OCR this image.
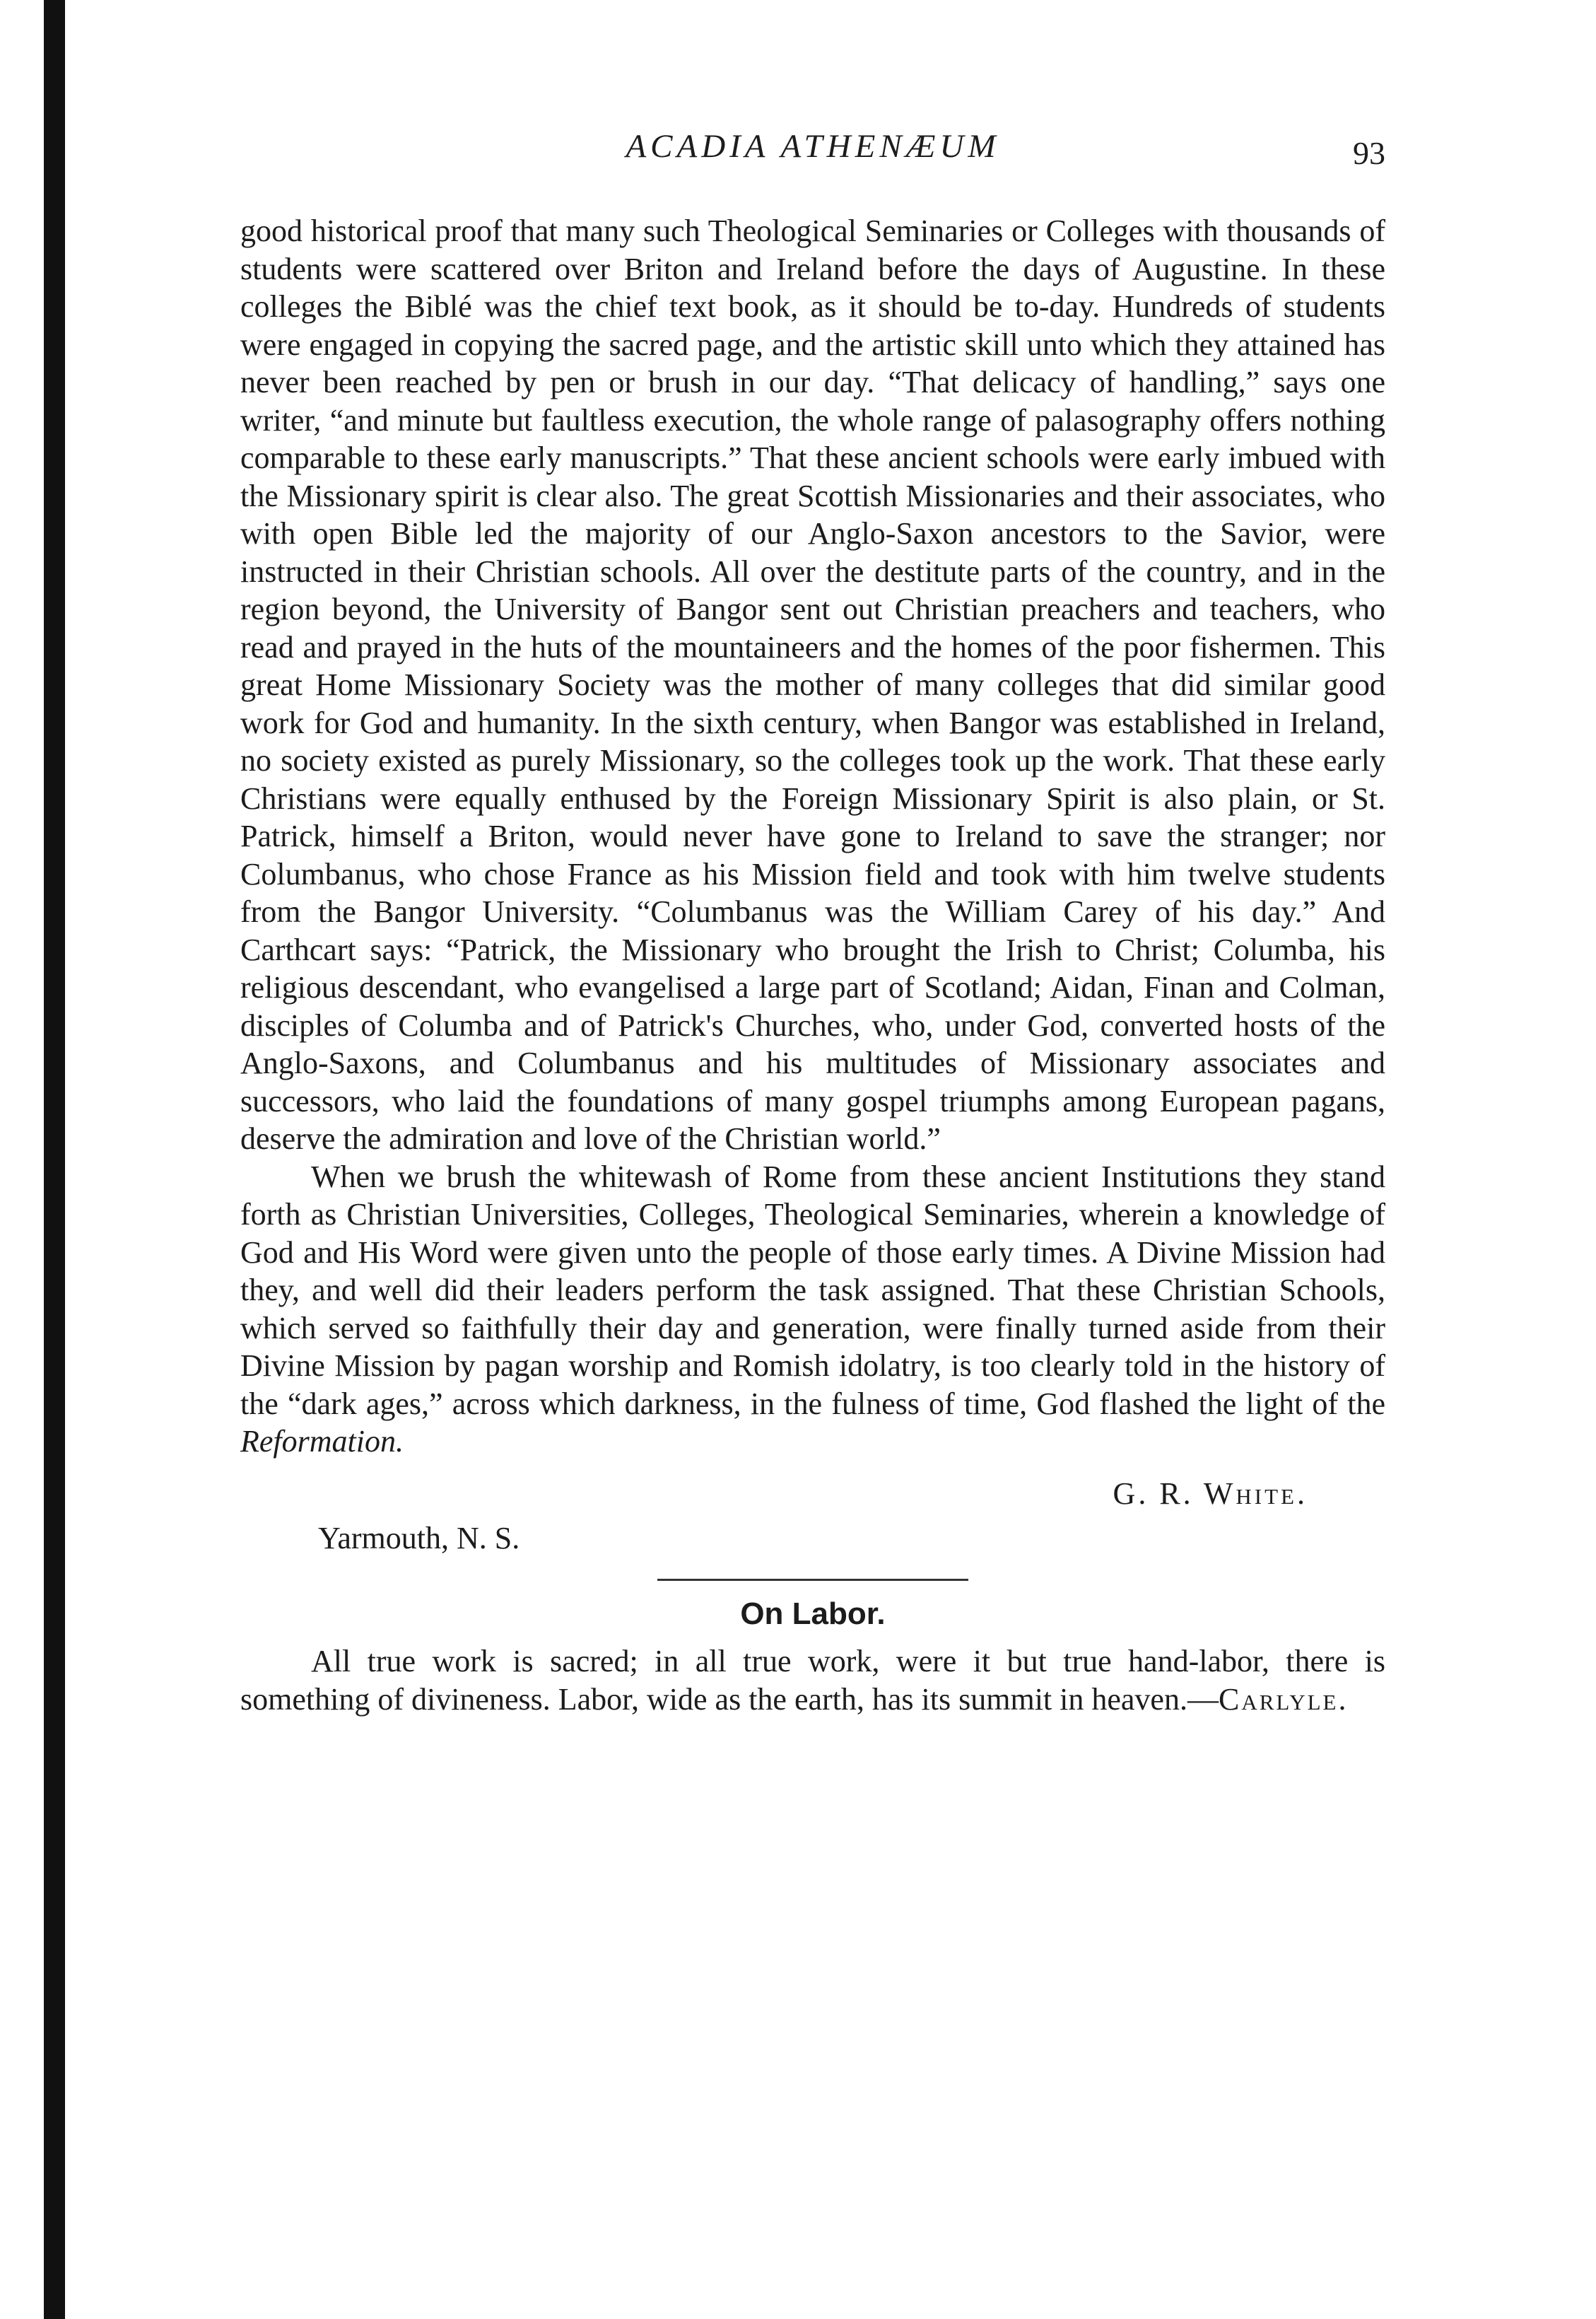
ACADIA ATHENÆUM	93

good historical proof that many such Theological Seminaries or Colleges with thousands of students were scattered over Briton and Ireland before the days of Augustine. In these colleges the Biblé was the chief text book, as it should be to-day. Hundreds of students were engaged in copying the sacred page, and the artistic skill unto which they attained has never been reached by pen or brush in our day. “That delicacy of handling,” says one writer, “and minute but faultless execution, the whole range of palasography offers nothing comparable to these early manuscripts.” That these ancient schools were early imbued with the Missionary spirit is clear also. The great Scottish Missionaries and their associates, who with open Bible led the majority of our Anglo-Saxon ancestors to the Savior, were instructed in their Christian schools. All over the destitute parts of the country, and in the region beyond, the University of Bangor sent out Christian preachers and teachers, who read and prayed in the huts of the mountaineers and the homes of the poor fishermen. This great Home Missionary Society was the mother of many colleges that did similar good work for God and humanity. In the sixth century, when Bangor was established in Ireland, no society existed as purely Missionary, so the colleges took up the work. That these early Christians were equally enthused by the Foreign Missionary Spirit is also plain, or St. Patrick, himself a Briton, would never have gone to Ireland to save the stranger; nor Columbanus, who chose France as his Mission field and took with him twelve students from the Bangor University. “Columbanus was the William Carey of his day.” And Carthcart says: “Patrick, the Missionary who brought the Irish to Christ; Columba, his religious descendant, who evangelised a large part of Scotland; Aidan, Finan and Colman, disciples of Columba and of Patrick's Churches, who, under God, converted hosts of the Anglo-Saxons, and Columbanus and his multitudes of Missionary associates and successors, who laid the foundations of many gospel triumphs among European pagans, deserve the admiration and love of the Christian world.”

When we brush the whitewash of Rome from these ancient Institutions they stand forth as Christian Universities, Colleges, Theological Seminaries, wherein a knowledge of God and His Word were given unto the people of those early times. A Divine Mission had they, and well did their leaders perform the task assigned. That these Christian Schools, which served so faithfully their day and generation, were finally turned aside from their Divine Mission by pagan worship and Romish idolatry, is too clearly told in the history of the “dark ages,” across which darkness, in the fulness of time, God flashed the light of the Reformation.

G. R. White.

Yarmouth, N. S.

On Labor.

All true work is sacred; in all true work, were it but true hand-labor, there is something of divineness. Labor, wide as the earth, has its summit in heaven.—Carlyle.
